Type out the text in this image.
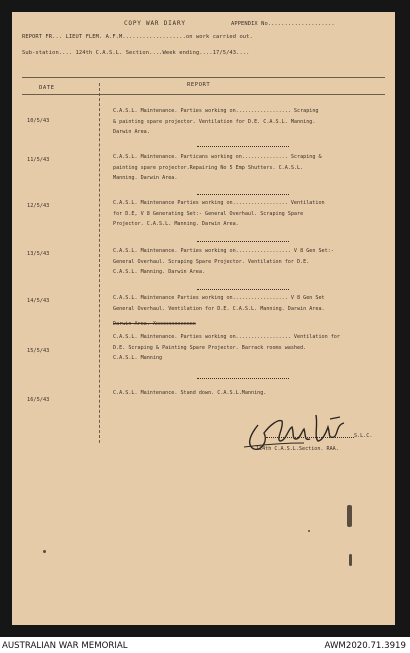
COPY WAR DIARY	APPENDIX No....................
REPORT FR... LIEUT FLEM. A.F.M...................on work carried out.
Sub-station.... 124th C.A.S.L. Section....Week ending....17/5/43....
DATE	REPORT
10/5/43
C.A.S.L. Maintenance. Parties working on.................. Scraping
& painting spare projector. Ventilation for D.E. C.A.S.L. Manning.
Darwin Area.
11/5/43	C.A.S.L. Maintenance. Particans working on............... Scraping &
painting spare projector.Repairing No 5 Emp Shutters. C.A.S.L.
Manning. Darwin Area.
12/5/43	C.A.S.L. Maintenance Parties working on.................. Ventilation
for D.E, V 8 Generating Set:- General Overhaul. Scraping Spare
Projector. C.A.S.L. Manning. Darwin Area.
13/5/43	C.A.S.L. Maintenance. Parties working on.................. V 8 Gen Set:-
General Overhaul. Scraping Spare Projector. Ventilation for D.E.
C.A.S.L. Manning. Darwin Area.
14/5/43	C.A.S.L. Maintenance Parties working on.................. V 8 Gen Set
General Overhaul. Ventilation for D.E. C.A.S.L. Manning. Darwin Area.
Darwin Area. Xxxxxxxxxxxxxx
15/5/43
C.A.S.L. Maintenance. Parties working on.................. Ventilation for
D.E. Scraping & Painting Spare Projector. Barrack rooms washed.
C.A.S.L. Manning
16/5/43
C.A.S.L. Maintenance. Stand down. C.A.S.L.Manning.
S.L.C.
124th C.A.S.L.Section. RAA.
AUSTRALIAN WAR MEMORIAL	AWM2020.71.3919
